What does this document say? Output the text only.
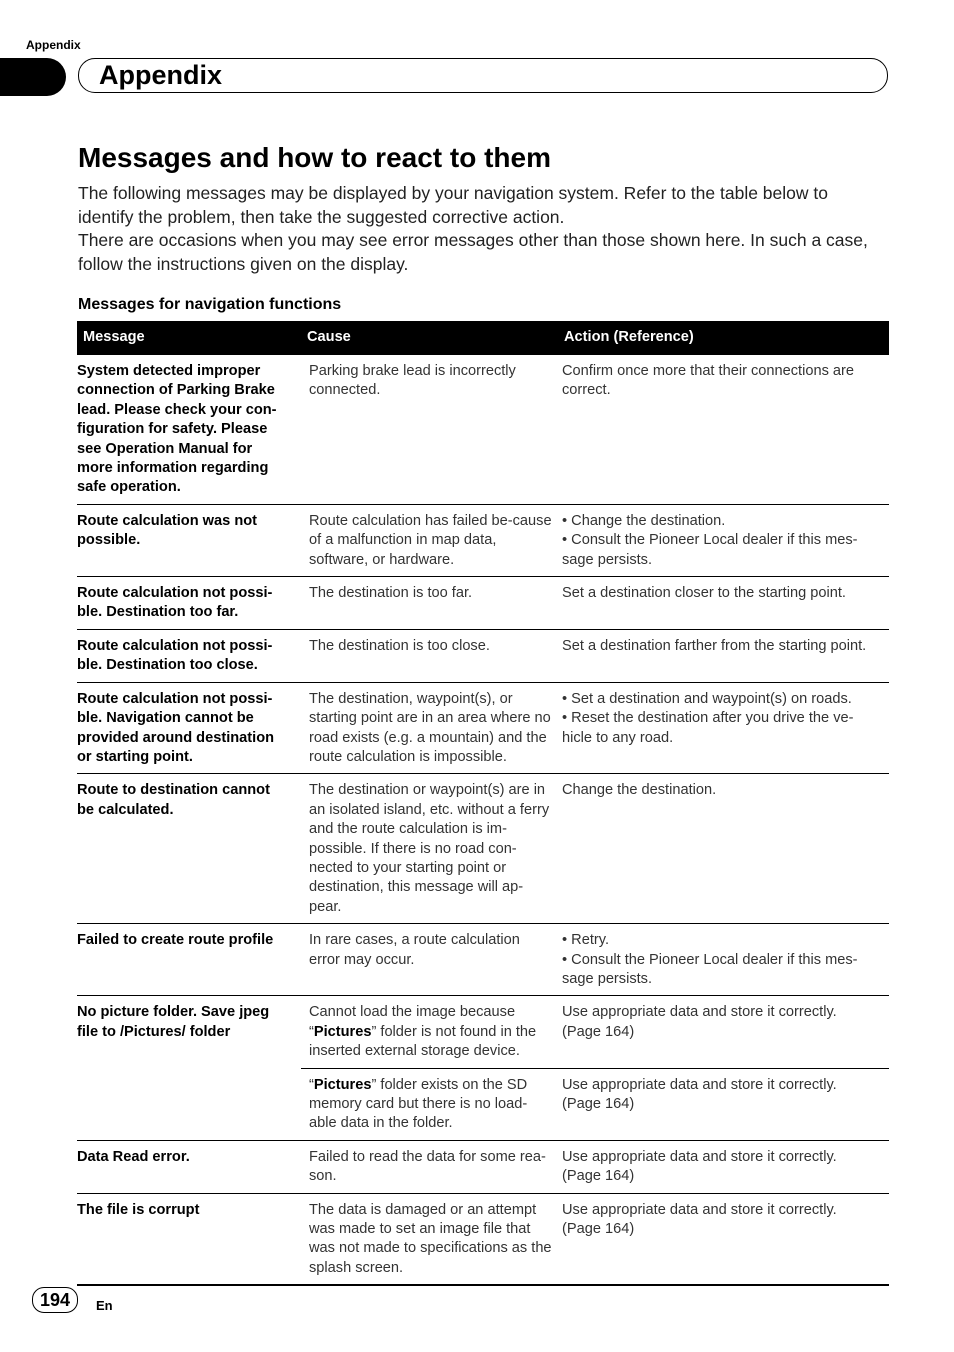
Appendix
Appendix
Messages and how to react to them

The following messages may be displayed by your navigation system. Refer to the table below to identify the problem, then take the suggested corrective action.

There are occasions when you may see error messages other than those shown here. In such a case, follow the instructions given on the display.

Messages for navigation functions
Message	Cause	Action (Reference)
System detected improper connection of Parking Brake lead. Please check your con-figuration for safety. Please see Operation Manual for more information regarding safe operation.	Parking brake lead is incorrectly connected.	Confirm once more that their connections are correct.

Route calculation was not possible.	Route calculation has failed be-cause of a malfunction in map data, software, or hardware.	• Change the destination.
• Consult the Pioneer Local dealer if this mes-sage persists.

Route calculation not possi-ble. Destination too far.	The destination is too far.	Set a destination closer to the starting point.

Route calculation not possi-ble. Destination too close.	The destination is too close.	Set a destination farther from the starting point.

Route calculation not possi-ble. Navigation cannot be provided around destination or starting point.	The destination, waypoint(s), or starting point are in an area where no road exists (e.g. a mountain) and the route calculation is impossible.	• Set a destination and waypoint(s) on roads.
• Reset the destination after you drive the ve-hicle to any road.

Route to destination cannot be calculated.	The destination or waypoint(s) are in an isolated island, etc. without a ferry and the route calculation is im-possible. If there is no road con-nected to your starting point or destination, this message will ap-pear.	Change the destination.

Failed to create route profile	In rare cases, a route calculation error may occur.	• Retry.
• Consult the Pioneer Local dealer if this mes-sage persists.

No picture folder. Save jpeg file to /Pictures/ folder	Cannot load the image because “Pictures” folder is not found in the inserted external storage device.	Use appropriate data and store it correctly.
(Page 164)

	“Pictures” folder exists on the SD memory card but there is no load-able data in the folder.	Use appropriate data and store it correctly.
(Page 164)

Data Read error.	Failed to read the data for some rea-son.	Use appropriate data and store it correctly.
(Page 164)

The file is corrupt	The data is damaged or an attempt was made to set an image file that was not made to specifications as the splash screen.	Use appropriate data and store it correctly.
(Page 164)
194	En
